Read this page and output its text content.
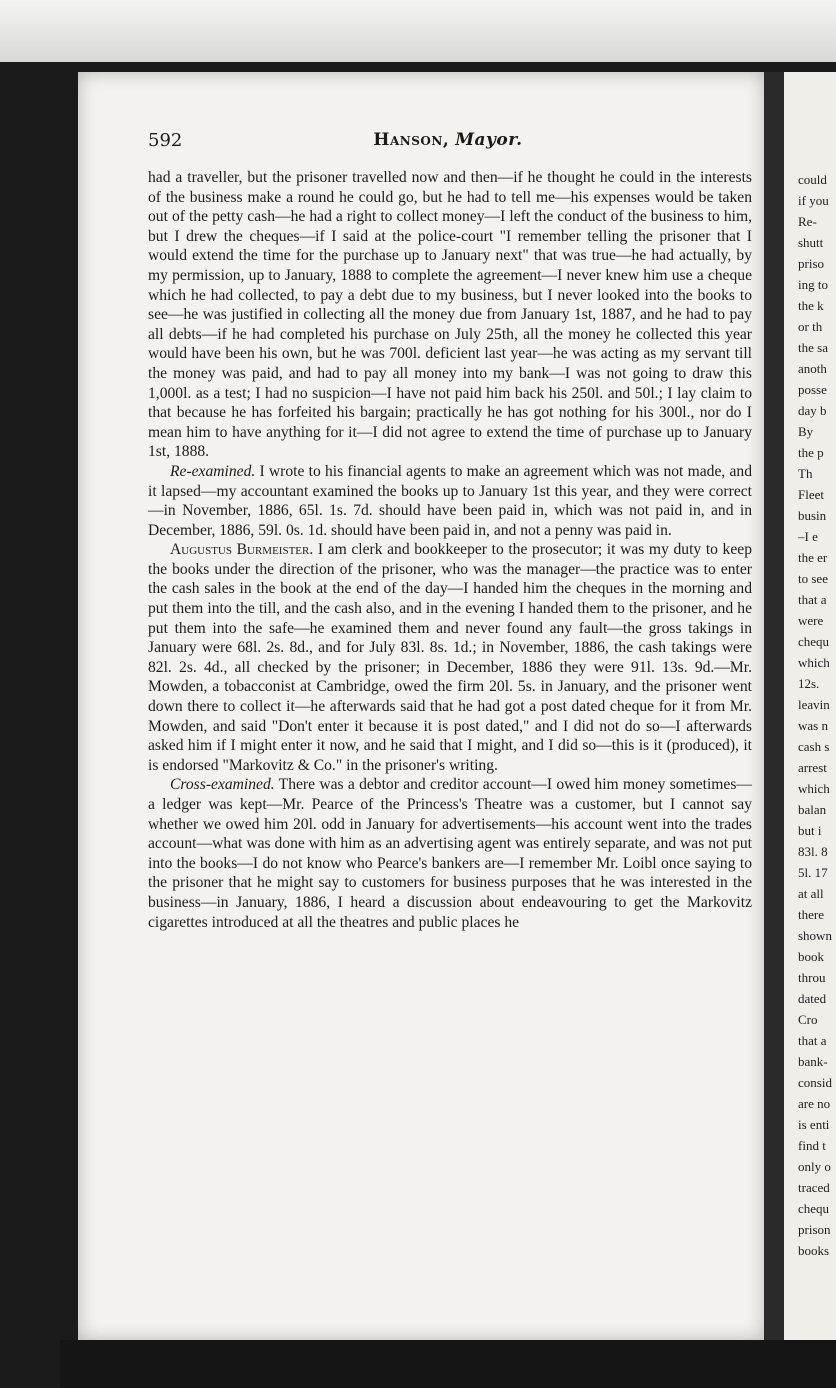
592	Hanson, Mayor.

had a traveller, but the prisoner travelled now and then—if he thought he could in the interests of the business make a round he could go, but he had to tell me—his expenses would be taken out of the petty cash—he had a right to collect money—I left the conduct of the business to him, but I drew the cheques—if I said at the police-court "I remember telling the prisoner that I would extend the time for the purchase up to January next" that was true—he had actually, by my permission, up to January, 1888 to complete the agreement—I never knew him use a cheque which he had collected, to pay a debt due to my business, but I never looked into the books to see—he was justified in collecting all the money due from January 1st, 1887, and he had to pay all debts—if he had completed his purchase on July 25th, all the money he collected this year would have been his own, but he was 700l. deficient last year—he was acting as my servant till the money was paid, and had to pay all money into my bank—I was not going to draw this 1,000l. as a test; I had no suspicion—I have not paid him back his 250l. and 50l.; I lay claim to that because he has forfeited his bargain; practically he has got nothing for his 300l., nor do I mean him to have anything for it—I did not agree to extend the time of purchase up to January 1st, 1888.

Re-examined. I wrote to his financial agents to make an agreement which was not made, and it lapsed—my accountant examined the books up to January 1st this year, and they were correct—in November, 1886, 65l. 1s. 7d. should have been paid in, which was not paid in, and in December, 1886, 59l. 0s. 1d. should have been paid in, and not a penny was paid in.

Augustus Burmeister. I am clerk and bookkeeper to the prosecutor; it was my duty to keep the books under the direction of the prisoner, who was the manager—the practice was to enter the cash sales in the book at the end of the day—I handed him the cheques in the morning and put them into the till, and the cash also, and in the evening I handed them to the prisoner, and he put them into the safe—he examined them and never found any fault—the gross takings in January were 68l. 2s. 8d., and for July 83l. 8s. 1d.; in November, 1886, the cash takings were 82l. 2s. 4d., all checked by the prisoner; in December, 1886 they were 91l. 13s. 9d.—Mr. Mowden, a tobacconist at Cambridge, owed the firm 20l. 5s. in January, and the prisoner went down there to collect it—he afterwards said that he had got a post dated cheque for it from Mr. Mowden, and said "Don't enter it because it is post dated," and I did not do so—I afterwards asked him if I might enter it now, and he said that I might, and I did so—this is it (produced), it is endorsed "Markovitz & Co." in the prisoner's writing.

Cross-examined. There was a debtor and creditor account—I owed him money sometimes—a ledger was kept—Mr. Pearce of the Princess's Theatre was a customer, but I cannot say whether we owed him 20l. odd in January for advertisements—his account went into the trades account—what was done with him as an advertising agent was entirely separate, and was not put into the books—I do not know who Pearce's bankers are—I remember Mr. Loibl once saying to the prisoner that he might say to customers for business purposes that he was interested in the business—in January, 1886, I heard a discussion about endeavouring to get the Markovitz cigarettes introduced at all the theatres and public places he

could
if you
Re-
shutt
priso
ing to
the k
or th
the sa
anoth
posse
day b
By
the p
Th
Fleet
busin
–I e
the er
to see
that a
were
chequ
which
12s.
leavin
was n
cash s
arrest
which
balan
but i
83l. 8
5l. 17
at all
there
shown
book
throu
dated
Cro
that a
bank-
consid
are no
is enti
find t
only o
traced
chequ
prison
books
